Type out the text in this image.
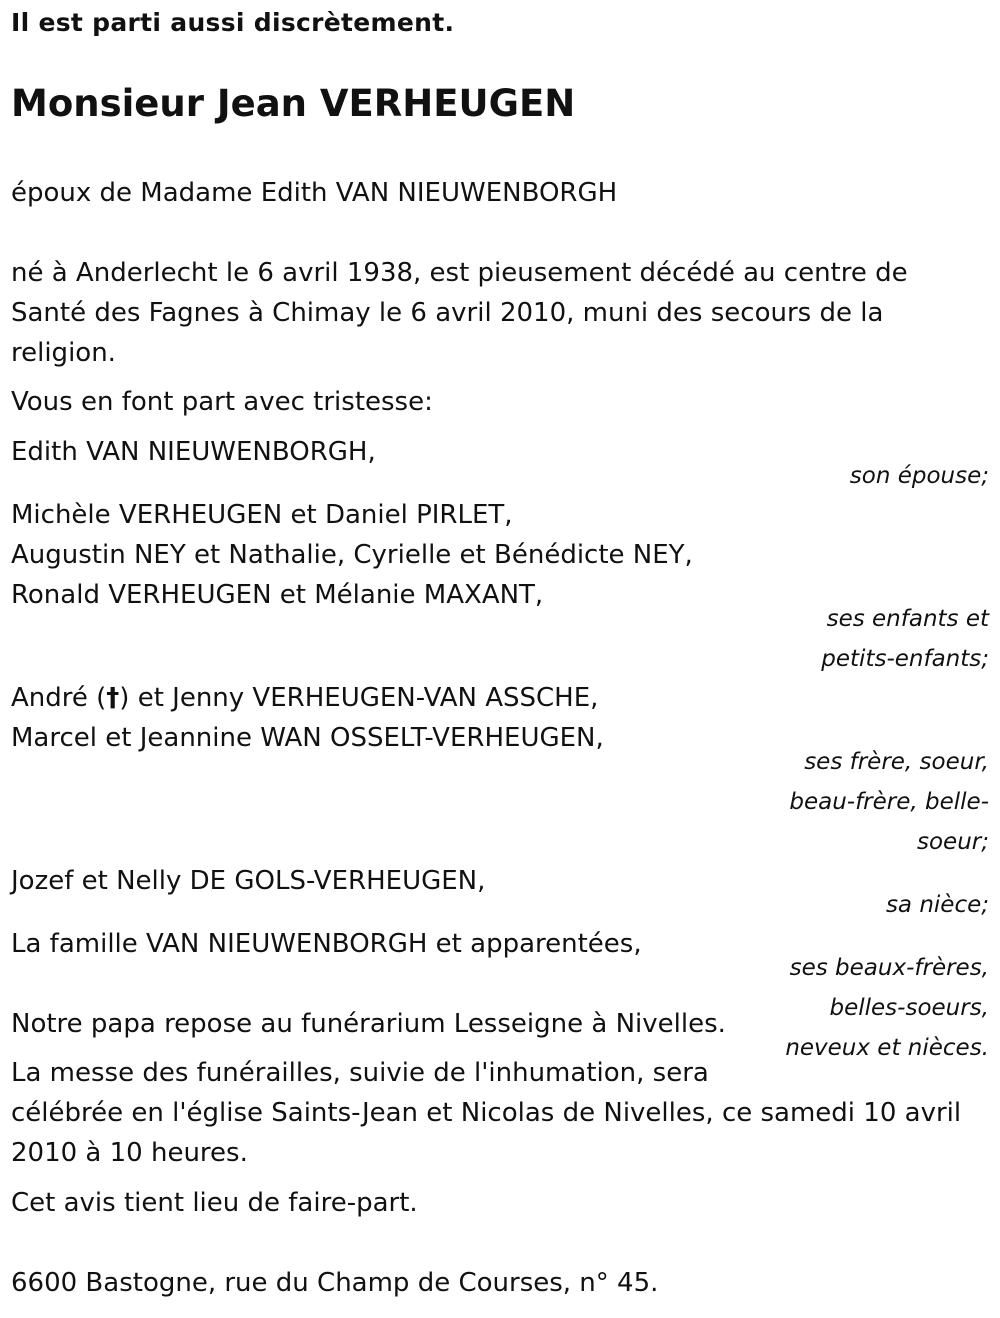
Il est parti aussi discrètement.
Monsieur Jean VERHEUGEN
époux de Madame Edith VAN NIEUWENBORGH
né à Anderlecht le 6 avril 1938, est pieusement décédé au centre de
Santé des Fagnes à Chimay le 6 avril 2010, muni des secours de la
religion.
Vous en font part avec tristesse:
Edith VAN NIEUWENBORGH,
son épouse;
Michèle VERHEUGEN et Daniel PIRLET,
Augustin NEY et Nathalie, Cyrielle et Bénédicte NEY,
Ronald VERHEUGEN et Mélanie MAXANT,
ses enfants et
petits-enfants;
André (†) et Jenny VERHEUGEN-VAN ASSCHE,
Marcel et Jeannine WAN OSSELT-VERHEUGEN,
ses frère, soeur,
beau-frère, belle-
soeur;
Jozef et Nelly DE GOLS-VERHEUGEN,
sa nièce;
La famille VAN NIEUWENBORGH et apparentées,
ses beaux-frères,
belles-soeurs,
neveux et nièces.
Notre papa repose au funérarium Lesseigne à Nivelles.
La messe des funérailles, suivie de l'inhumation, sera
célébrée en l'église Saints-Jean et Nicolas de Nivelles, ce samedi 10 avril
2010 à 10 heures.
Cet avis tient lieu de faire-part.
6600 Bastogne, rue du Champ de Courses, n° 45.
